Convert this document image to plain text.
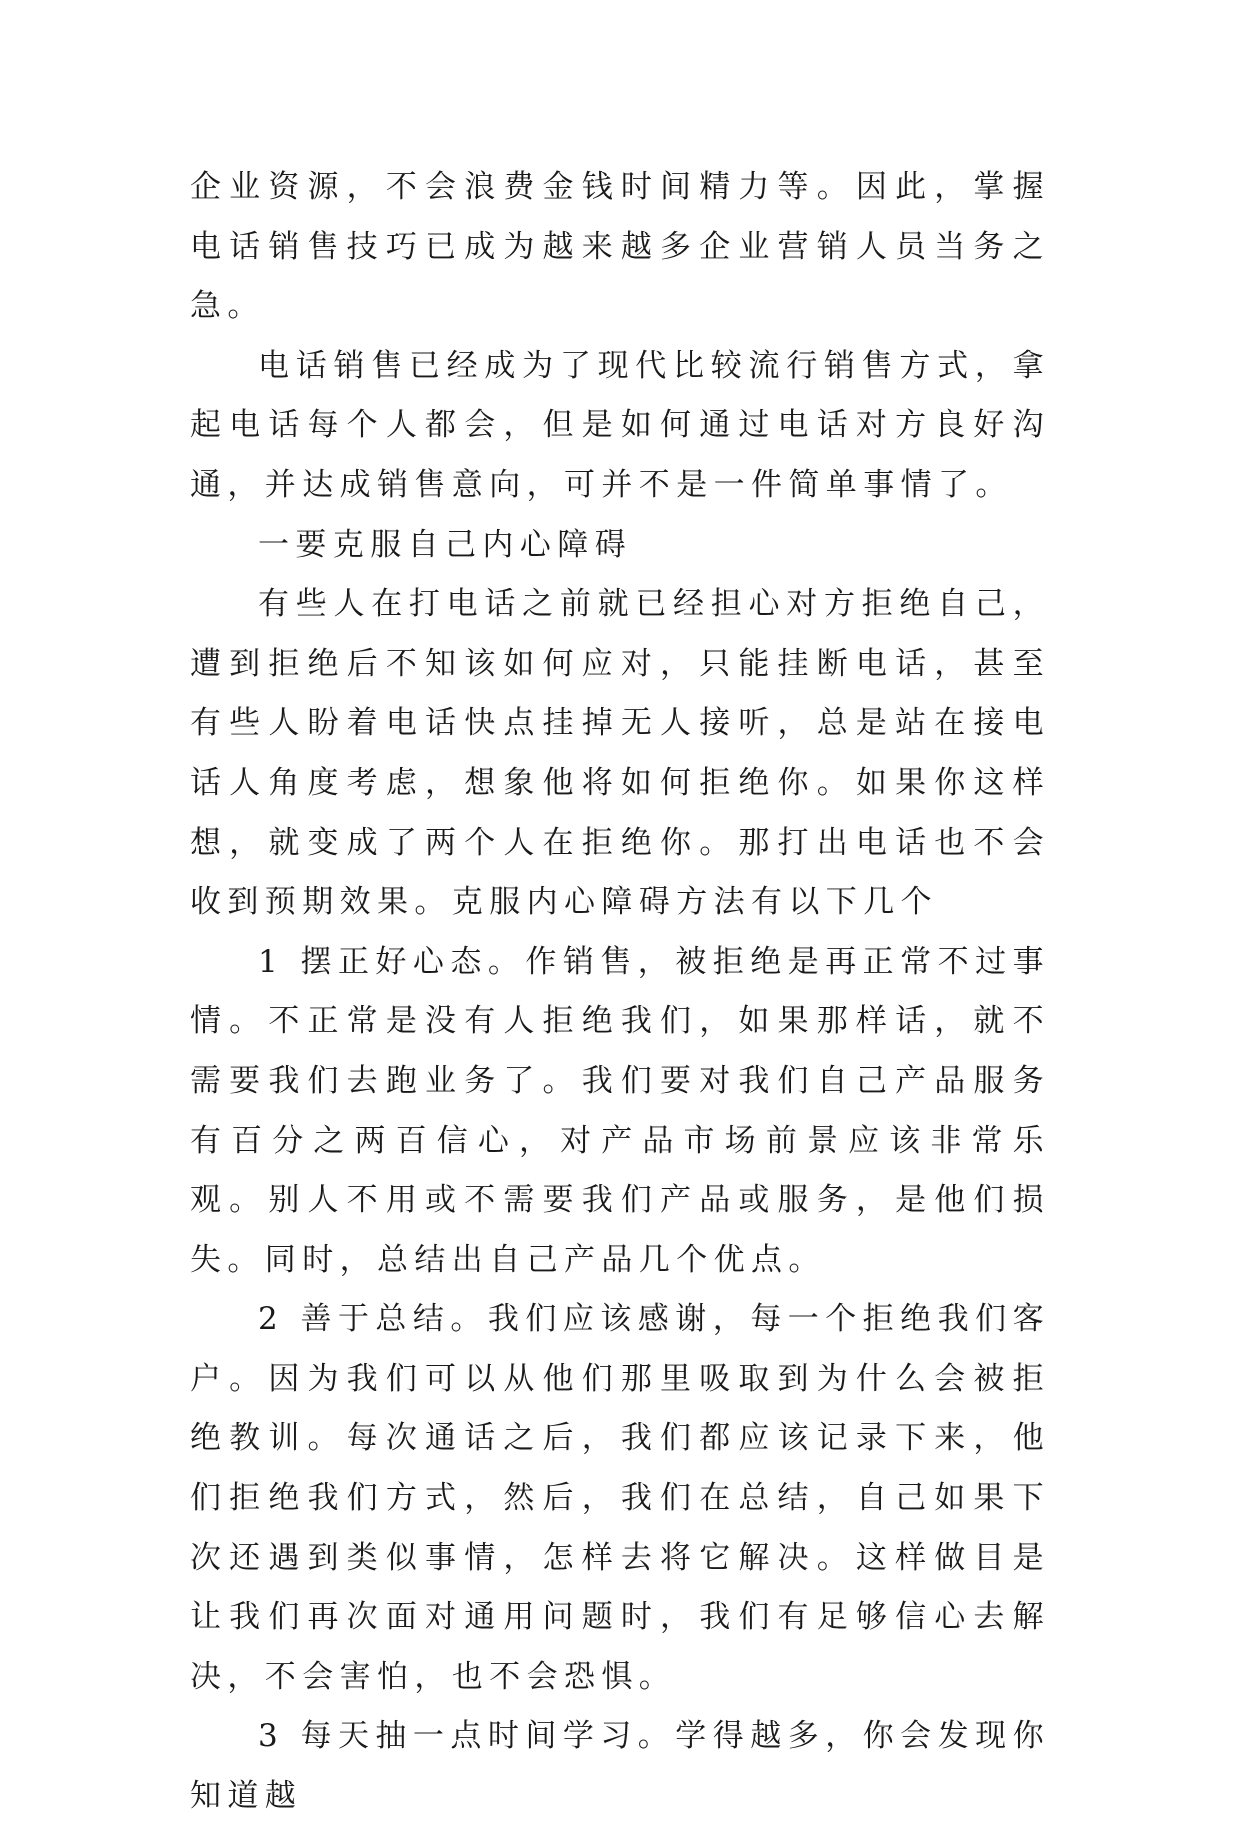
企业资源，不会浪费金钱时间精力等。因此，掌握电话销售技巧已成为越来越多企业营销人员当务之急。

电话销售已经成为了现代比较流行销售方式，拿起电话每个人都会，但是如何通过电话对方良好沟通，并达成销售意向，可并不是一件简单事情了。

一要克服自己内心障碍

有些人在打电话之前就已经担心对方拒绝自己，遭到拒绝后不知该如何应对，只能挂断电话，甚至有些人盼着电话快点挂掉无人接听，总是站在接电话人角度考虑，想象他将如何拒绝你。如果你这样想，就变成了两个人在拒绝你。那打出电话也不会收到预期效果。克服内心障碍方法有以下几个

1 摆正好心态。作销售，被拒绝是再正常不过事情。不正常是没有人拒绝我们，如果那样话，就不需要我们去跑业务了。我们要对我们自己产品服务有百分之两百信心，对产品市场前景应该非常乐观。别人不用或不需要我们产品或服务，是他们损失。同时，总结出自己产品几个优点。

2 善于总结。我们应该感谢，每一个拒绝我们客户。因为我们可以从他们那里吸取到为什么会被拒绝教训。每次通话之后，我们都应该记录下来，他们拒绝我们方式，然后，我们在总结，自己如果下次还遇到类似事情，怎样去将它解决。这样做目是让我们再次面对通用问题时，我们有足够信心去解决，不会害怕，也不会恐惧。

3 每天抽一点时间学习。学得越多，你会发现你知道越
